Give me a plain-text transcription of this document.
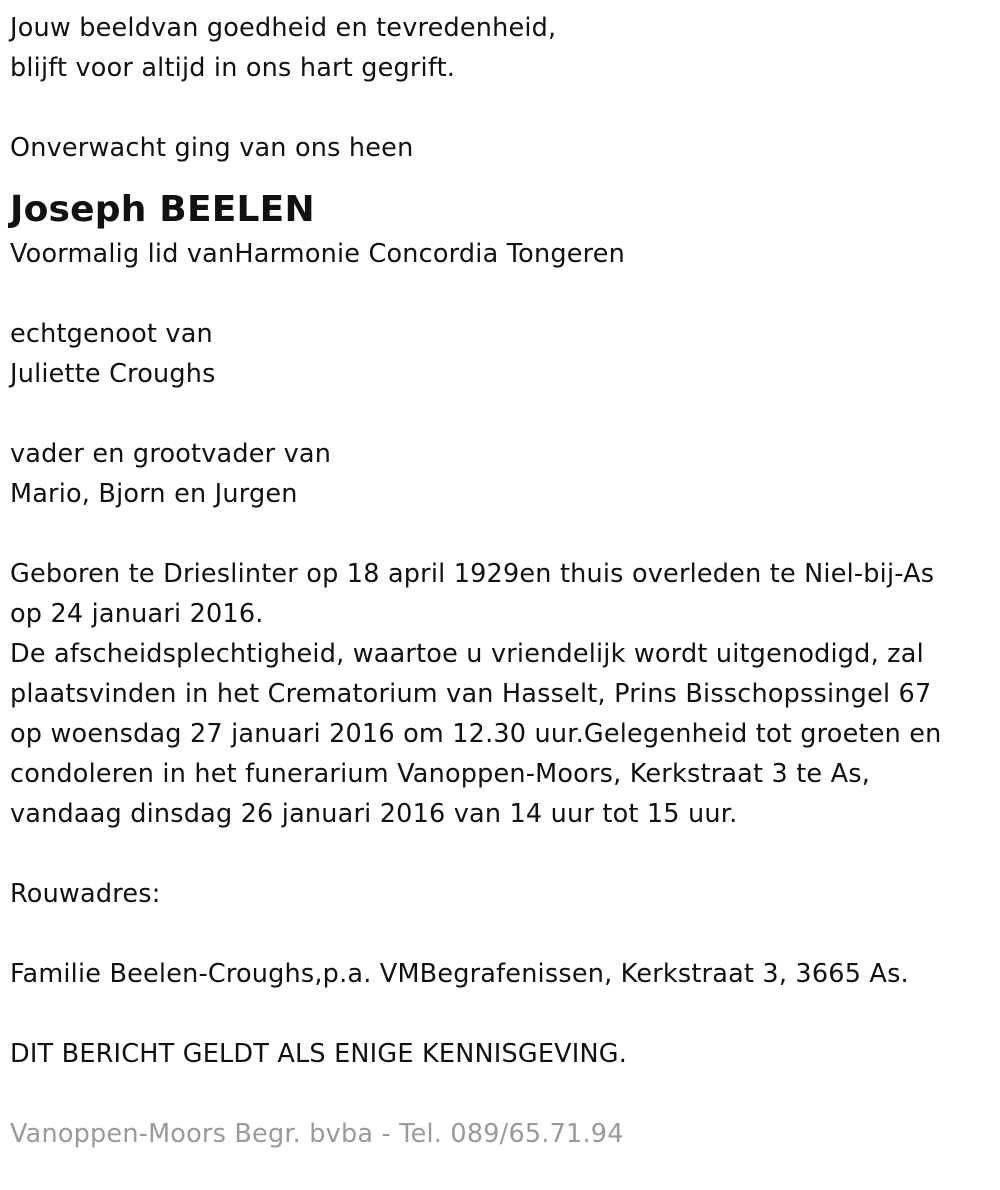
Jouw beeldvan goedheid en tevredenheid,
blijft voor altijd in ons hart gegrift.
Onverwacht ging van ons heen
Joseph BEELEN
Voormalig lid vanHarmonie Concordia Tongeren
echtgenoot van
Juliette Croughs
vader en grootvader van
Mario, Bjorn en Jurgen
Geboren te Drieslinter op 18 april 1929en thuis overleden te Niel-bij-As
op 24 januari 2016.
De afscheidsplechtigheid, waartoe u vriendelijk wordt uitgenodigd, zal
plaatsvinden in het Crematorium van Hasselt, Prins Bisschopssingel 67
op woensdag 27 januari 2016 om 12.30 uur.Gelegenheid tot groeten en
condoleren in het funerarium Vanoppen-Moors, Kerkstraat 3 te As,
vandaag dinsdag 26 januari 2016 van 14 uur tot 15 uur.
Rouwadres:
Familie Beelen-Croughs,p.a. VMBegrafenissen, Kerkstraat 3, 3665 As.
DIT BERICHT GELDT ALS ENIGE KENNISGEVING.
Vanoppen-Moors Begr. bvba - Tel. 089/65.71.94
